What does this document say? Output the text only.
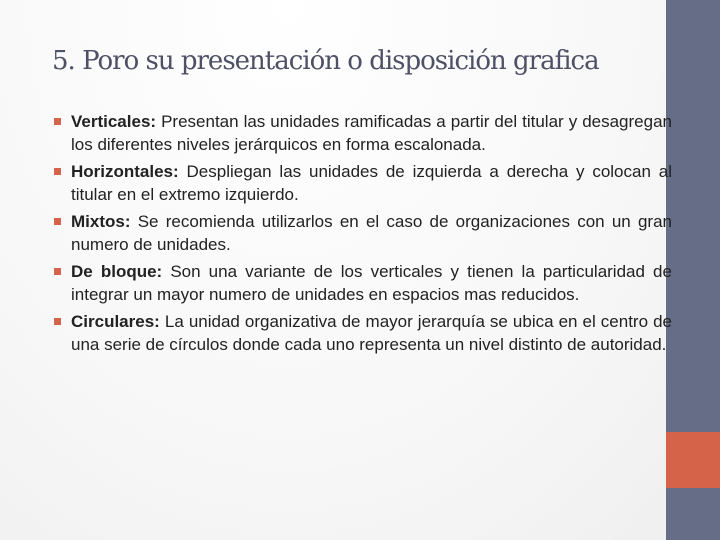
5. Poro su presentación o disposición grafica
Verticales: Presentan las unidades ramificadas a partir del titular y desagregan los diferentes niveles jerárquicos en forma escalonada.
Horizontales: Despliegan las unidades de izquierda a derecha y colocan al titular en el extremo izquierdo.
Mixtos: Se recomienda utilizarlos en el caso de organizaciones con un gran numero de unidades.
De bloque: Son una variante de los verticales y tienen la particularidad de integrar un mayor numero de unidades en espacios mas reducidos.
Circulares: La unidad organizativa de mayor jerarquía se ubica en el centro de una serie de círculos donde cada uno representa un nivel distinto de autoridad.
